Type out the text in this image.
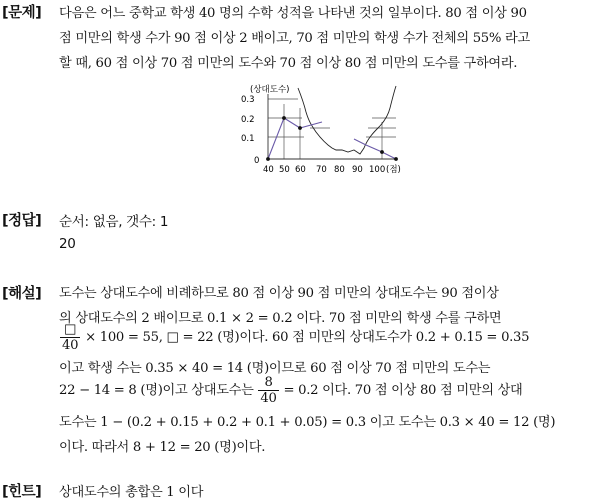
[문제] 다음은 어느 중학교 학생 40 명의 수학 성적을 나타낸 것의 일부이다. 80 점 이상 90
점 미만의 학생 수가 90 점 이상 2 배이고, 70 점 미만의 학생 수가 전체의 55% 라고
할 때, 60 점 이상 70 점 미만의 도수와 70 점 이상 80 점 미만의 도수를 구하여라.
(상대도수)
0.3
0.2
0.1
0
40 50 60 70 80 90 100 (점)
[정답] 순서: 없음, 갯수: 1
20
[해설] 도수는 상대도수에 비례하므로 80 점 이상 90 점 미만의 상대도수는 90 점이상
의 상대도수의 2 배이므로 0.1 × 2 = 0.2 이다. 70 점 미만의 학생 수를 구하면
$\frac{□}{40} \times 100 = 55$, □ = 22 (명)이다. 60 점 미만의 상대도수가 0.2 + 0.15 = 0.35
이고 학생 수는 0.35 × 40 = 14 (명)이므로 60 점 이상 70 점 미만의 도수는
22 − 14 = 8 (명)이고 상대도수는 $\frac{8}{40} = 0.2$ 이다. 70 점 이상 80 점 미만의 상대
도수는 1 − (0.2 + 0.15 + 0.2 + 0.1 + 0.05) = 0.3 이고 도수는 0.3 × 40 = 12 (명)
이다. 따라서 8 + 12 = 20 (명)이다.
[힌트] 상대도수의 총합은 1 이다
